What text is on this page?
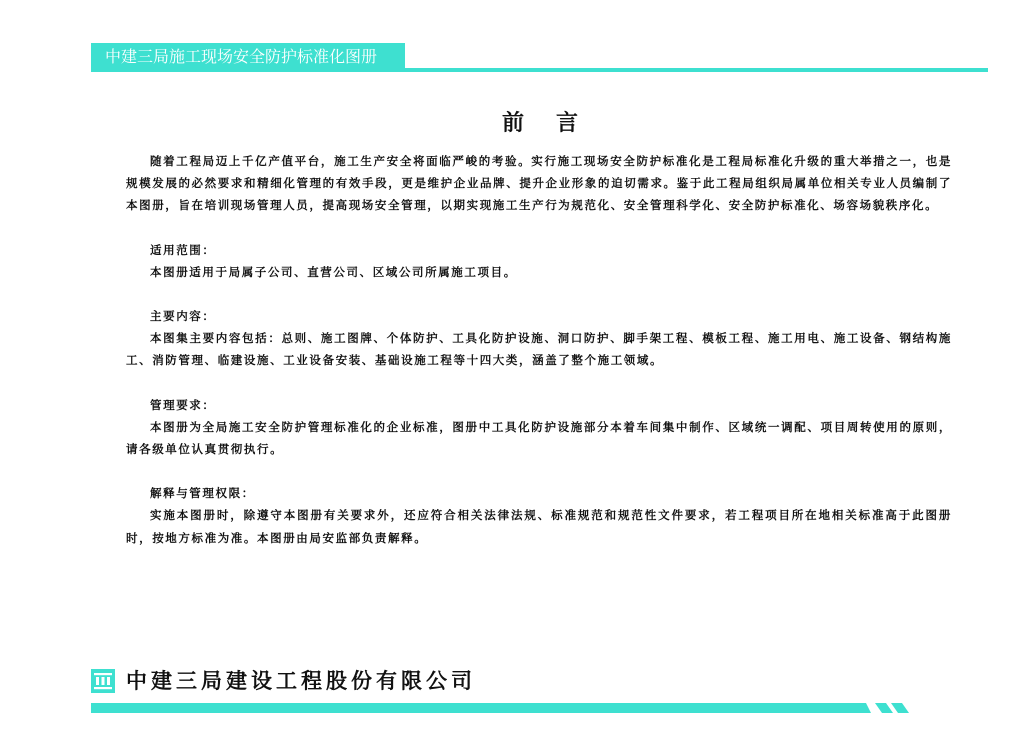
中建三局施工现场安全防护标准化图册
前 言

随着工程局迈上千亿产值平台，施工生产安全将面临严峻的考验。实行施工现场安全防护标准化是工程局标准化升级的重大举措之一，也是规模发展的必然要求和精细化管理的有效手段，更是维护企业品牌、提升企业形象的迫切需求。鉴于此工程局组织局属单位相关专业人员编制了本图册，旨在培训现场管理人员，提高现场安全管理，以期实现施工生产行为规范化、安全管理科学化、安全防护标准化、场容场貌秩序化。

适用范围：

本图册适用于局属子公司、直营公司、区域公司所属施工项目。

主要内容：

本图集主要内容包括：总则、施工图牌、个体防护、工具化防护设施、洞口防护、脚手架工程、模板工程、施工用电、施工设备、钢结构施工、消防管理、临建设施、工业设备安装、基础设施工程等十四大类，涵盖了整个施工领域。

管理要求：

本图册为全局施工安全防护管理标准化的企业标准，图册中工具化防护设施部分本着车间集中制作、区域统一调配、项目周转使用的原则，请各级单位认真贯彻执行。

解释与管理权限：

实施本图册时，除遵守本图册有关要求外，还应符合相关法律法规、标准规范和规范性文件要求，若工程项目所在地相关标准高于此图册时，按地方标准为准。本图册由局安监部负责解释。

中建三局建设工程股份有限公司
